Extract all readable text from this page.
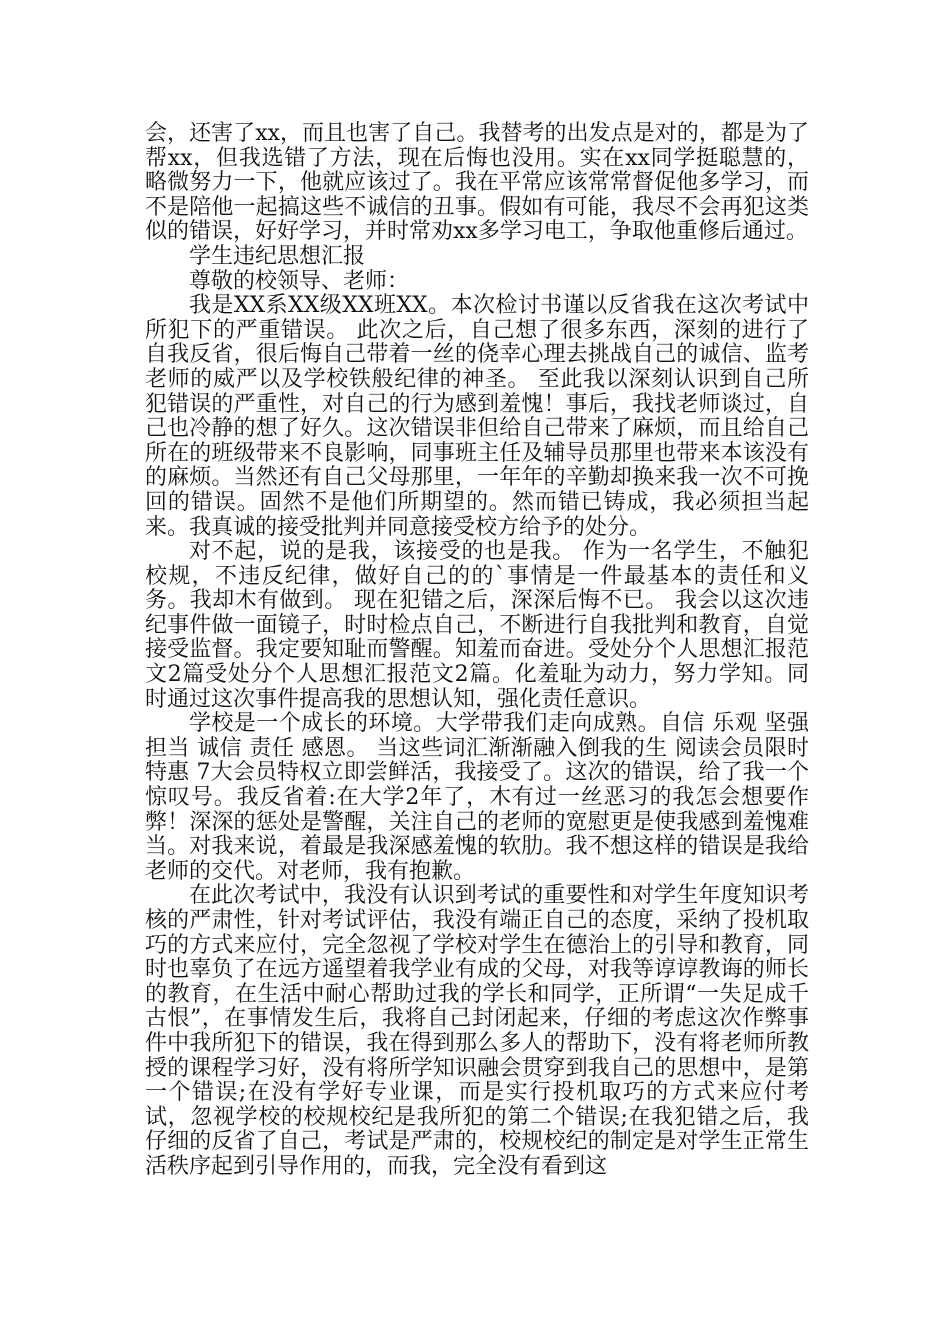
会，还害了xx，而且也害了自己。我替考的出发点是对的，都是为了帮xx，但我选错了方法，现在后悔也没用。实在xx同学挺聪慧的，略微努力一下，他就应该过了。我在平常应该常常督促他多学习，而不是陪他一起搞这些不诚信的丑事。假如有可能，我尽不会再犯这类似的错误，好好学习，并时常劝xx多学习电工，争取他重修后通过。

学生违纪思想汇报

尊敬的校领导、老师：

我是XX系XX级XX班XX。本次检讨书谨以反省我在这次考试中所犯下的严重错误。 此次之后，自己想了很多东西，深刻的进行了自我反省，很后悔自己带着一丝的侥幸心理去挑战自己的诚信、监考老师的威严以及学校铁般纪律的神圣。 至此我以深刻认识到自己所犯错误的严重性，对自己的行为感到羞愧！事后，我找老师谈过，自己也冷静的想了好久。这次错误非但给自己带来了麻烦，而且给自己所在的班级带来不良影响，同事班主任及辅导员那里也带来本该没有的麻烦。当然还有自己父母那里，一年年的辛勤却换来我一次不可挽回的错误。固然不是他们所期望的。然而错已铸成，我必须担当起来。我真诚的接受批判并同意接受校方给予的处分。

对不起，说的是我，该接受的也是我。 作为一名学生，不触犯校规，不违反纪律，做好自己的的`事情是一件最基本的责任和义务。我却木有做到。 现在犯错之后，深深后悔不已。 我会以这次违纪事件做一面镜子，时时检点自己，不断进行自我批判和教育，自觉接受监督。我定要知耻而警醒。知羞而奋进。受处分个人思想汇报范文2篇受处分个人思想汇报范文2篇。化羞耻为动力，努力学知。同时通过这次事件提高我的思想认知，强化责任意识。

学校是一个成长的环境。大学带我们走向成熟。自信 乐观 坚强 担当 诚信 责任 感恩。 当这些词汇渐渐融入倒我的生 阅读会员限时特惠 7大会员特权立即尝鲜活，我接受了。这次的错误，给了我一个惊叹号。我反省着:在大学2年了，木有过一丝恶习的我怎会想要作弊！深深的惩处是警醒，关注自己的老师的宽慰更是使我感到羞愧难当。对我来说，着最是我深感羞愧的软肋。我不想这样的错误是我给老师的交代。对老师，我有抱歉。

在此次考试中，我没有认识到考试的重要性和对学生年度知识考核的严肃性，针对考试评估，我没有端正自己的态度，采纳了投机取巧的方式来应付，完全忽视了学校对学生在德治上的引导和教育，同时也辜负了在远方遥望着我学业有成的父母，对我等谆谆教诲的师长的教育，在生活中耐心帮助过我的学长和同学，正所谓“一失足成千古恨”，在事情发生后，我将自己封闭起来，仔细的考虑这次作弊事件中我所犯下的错误，我在得到那么多人的帮助下，没有将老师所教授的课程学习好，没有将所学知识融会贯穿到我自己的思想中，是第一个错误;在没有学好专业课，而是实行投机取巧的方式来应付考试，忽视学校的校规校纪是我所犯的第二个错误;在我犯错之后，我仔细的反省了自己，考试是严肃的，校规校纪的制定是对学生正常生活秩序起到引导作用的，而我，完全没有看到这
